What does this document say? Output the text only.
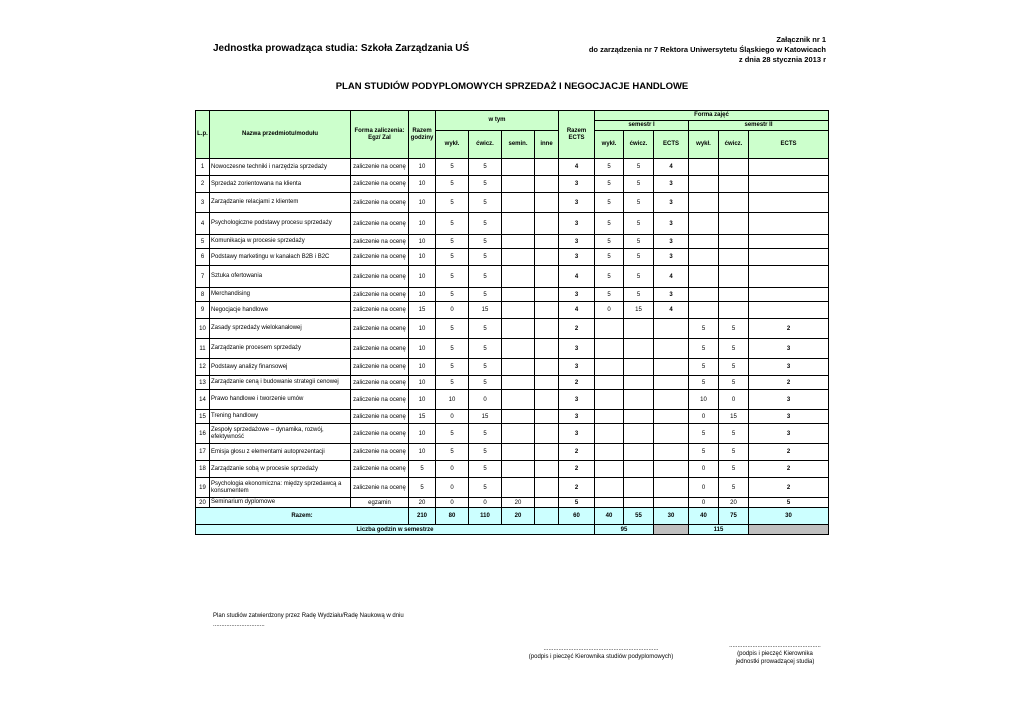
Jednostka prowadząca studia: Szkoła Zarządzania UŚ
Załącznik nr 1
do zarządzenia nr 7 Rektora Uniwersytetu Śląskiego w Katowicach
z dnia 28 stycznia 2013 r
PLAN STUDIÓW PODYPLOMOWYCH SPRZEDAŻ I NEGOCJACJE HANDLOWE
L.p.	Nazwa przedmiotu/modułu	Forma zaliczenia: Egz/ Zal	Razem godziny	w tym				Razem ECTS	Forma zajęć					
									semestr I			semestr II		
				wykł.	ćwicz.	semin.	inne		wykł.	ćwicz.	ECTS	wykł.	ćwicz.	ECTS

1	Nowoczesne techniki i narzędzia sprzedaży	zaliczenie na ocenę	10	5	5			4	5	5	4			
2	Sprzedaż zorientowana na klienta	zaliczenie na ocenę	10	5	5			3	5	5	3			
3	Zarządzanie relacjami z klientem	zaliczenie na ocenę	10	5	5			3	5	5	3			
4	Psychologiczne podstawy procesu sprzedaży	zaliczenie na ocenę	10	5	5			3	5	5	3			
5	Komunikacja w procesie sprzedaży	zaliczenie na ocenę	10	5	5			3	5	5	3			
6	Podstawy marketingu w kanałach B2B i B2C	zaliczenie na ocenę	10	5	5			3	5	5	3			
7	Sztuka ofertowania	zaliczenie na ocenę	10	5	5			4	5	5	4			
8	Merchandising	zaliczenie na ocenę	10	5	5			3	5	5	3			
9	Negocjacje handlowe	zaliczenie na ocenę	15	0	15			4	0	15	4			
10	Zasady sprzedaży wielokanałowej	zaliczenie na ocenę	10	5	5			2				5	5	2
11	Zarządzanie procesem sprzedaży	zaliczenie na ocenę	10	5	5			3				5	5	3
12	Podstawy analizy finansowej	zaliczenie na ocenę	10	5	5			3				5	5	3
13	Zarządzanie ceną i budowanie strategii cenowej	zaliczenie na ocenę	10	5	5			2				5	5	2
14	Prawo handlowe i tworzenie umów	zaliczenie na ocenę	10	10	0			3				10	0	3
15	Trening handlowy	zaliczenie na ocenę	15	0	15			3				0	15	3
16	Zespoły sprzedażowe – dynamika, rozwój, efektywność	zaliczenie na ocenę	10	5	5			3				5	5	3
17	Emisja głosu z elementami autoprezentacji	zaliczenie na ocenę	10	5	5			2				5	5	2
18	Zarządzanie sobą w procesie sprzedaży	zaliczenie na ocenę	5	0	5			2				0	5	2
19	Psychologia ekonomiczna: między sprzedawcą a konsumentem	zaliczenie na ocenę	5	0	5			2				0	5	2
20	Seminarium dyplomowe	egzamin	20	0	0	20		5				0	20	5
Razem:			210	80	110	20		60	40	55	30	40	75	30
Liczba godzin w semestrze									95			115		
Plan studiów zatwierdzony przez Radę Wydziału/Radę Naukową w dniu
...............................
.....................................................................
(podpis i pieczęć Kierownika studiów podyplomowych)
.......................................................
(podpis i pieczęć Kierownika
jednostki prowadzącej studia)
